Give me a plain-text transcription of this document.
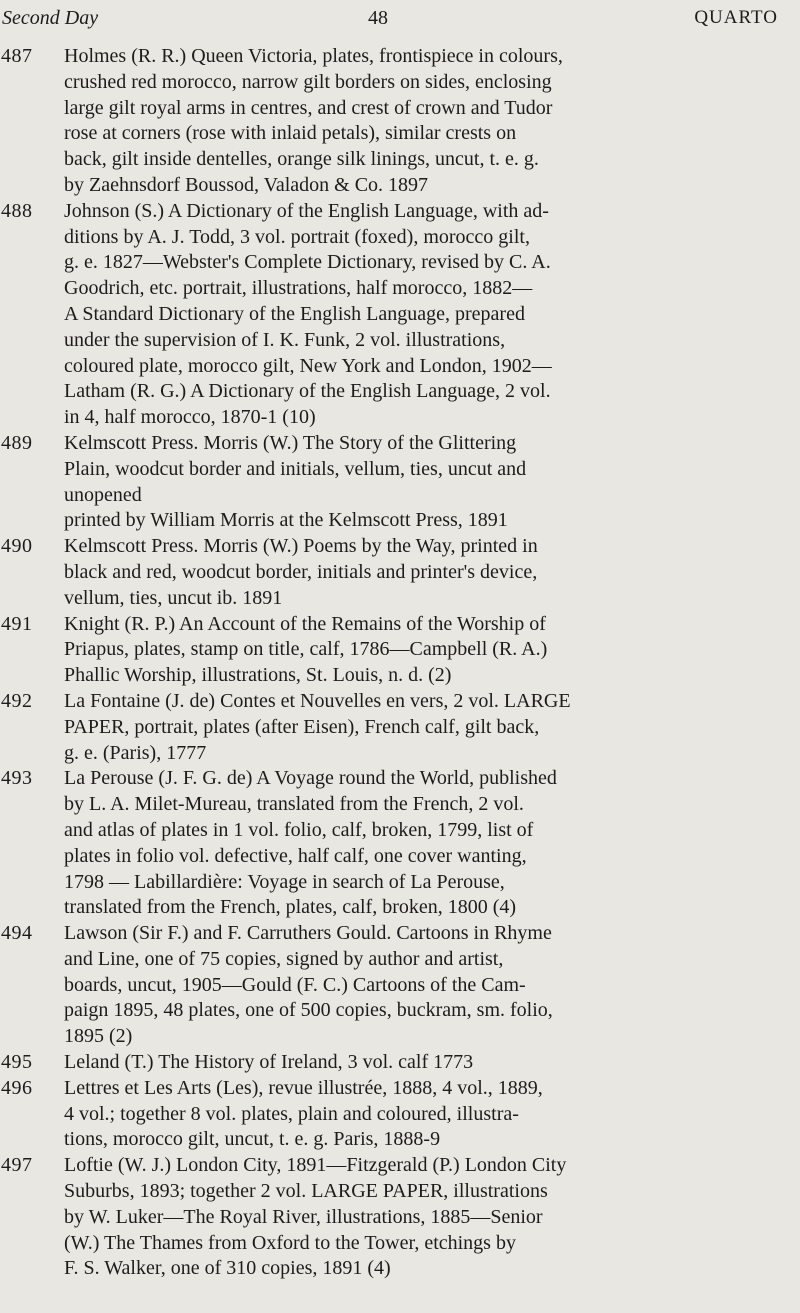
Second Day	48	QUARTO
487	Holmes (R. R.) Queen Victoria, plates, frontispiece in colours,
crushed red morocco, narrow gilt borders on sides, enclosing
large gilt royal arms in centres, and crest of crown and Tudor
rose at corners (rose with inlaid petals), similar crests on
back, gilt inside dentelles, orange silk linings, uncut, t. e. g.
by Zaehnsdorf Boussod, Valadon & Co. 1897
488	Johnson (S.) A Dictionary of the English Language, with ad-
ditions by A. J. Todd, 3 vol. portrait (foxed), morocco gilt,
g. e. 1827—Webster's Complete Dictionary, revised by C. A.
Goodrich, etc. portrait, illustrations, half morocco, 1882—
A Standard Dictionary of the English Language, prepared
under the supervision of I. K. Funk, 2 vol. illustrations,
coloured plate, morocco gilt, New York and London, 1902—
Latham (R. G.) A Dictionary of the English Language, 2 vol.
in 4, half morocco, 1870-1 (10)
489	Kelmscott Press. Morris (W.) The Story of the Glittering
Plain, woodcut border and initials, vellum, ties, uncut and
unopened
printed by William Morris at the Kelmscott Press, 1891
490	Kelmscott Press. Morris (W.) Poems by the Way, printed in
black and red, woodcut border, initials and printer's device,
vellum, ties, uncut ib. 1891
491	Knight (R. P.) An Account of the Remains of the Worship of
Priapus, plates, stamp on title, calf, 1786—Campbell (R. A.)
Phallic Worship, illustrations, St. Louis, n. d. (2)
492	La Fontaine (J. de) Contes et Nouvelles en vers, 2 vol. LARGE
PAPER, portrait, plates (after Eisen), French calf, gilt back,
g. e. (Paris), 1777
493	La Perouse (J. F. G. de) A Voyage round the World, published
by L. A. Milet-Mureau, translated from the French, 2 vol.
and atlas of plates in 1 vol. folio, calf, broken, 1799, list of
plates in folio vol. defective, half calf, one cover wanting,
1798 — Labillardière: Voyage in search of La Perouse,
translated from the French, plates, calf, broken, 1800 (4)
494	Lawson (Sir F.) and F. Carruthers Gould. Cartoons in Rhyme
and Line, one of 75 copies, signed by author and artist,
boards, uncut, 1905—Gould (F. C.) Cartoons of the Cam-
paign 1895, 48 plates, one of 500 copies, buckram, sm. folio,
1895 (2)
495	Leland (T.) The History of Ireland, 3 vol. calf 1773
496	Lettres et Les Arts (Les), revue illustrée, 1888, 4 vol., 1889,
4 vol.; together 8 vol. plates, plain and coloured, illustra-
tions, morocco gilt, uncut, t. e. g. Paris, 1888-9
497	Loftie (W. J.) London City, 1891—Fitzgerald (P.) London City
Suburbs, 1893; together 2 vol. LARGE PAPER, illustrations
by W. Luker—The Royal River, illustrations, 1885—Senior
(W.) The Thames from Oxford to the Tower, etchings by
F. S. Walker, one of 310 copies, 1891 (4)
